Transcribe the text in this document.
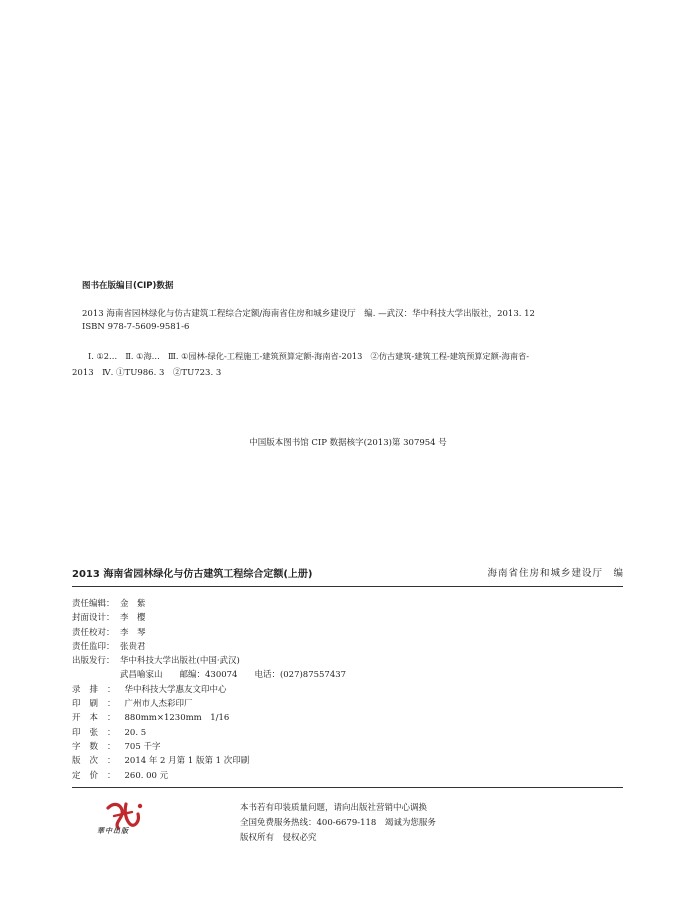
图书在版编目(CIP)数据
2013 海南省园林绿化与仿古建筑工程综合定额/海南省住房和城乡建设厅　编. —武汉：华中科技大学出版社，2013. 12
ISBN 978-7-5609-9581-6
Ⅰ. ①2…　Ⅱ. ①海…　Ⅲ. ①园林-绿化-工程施工-建筑预算定额-海南省-2013　②仿古建筑-建筑工程-建筑预算定额-海南省-
2013　Ⅳ. ①TU986. 3　②TU723. 3
中国版本图书馆 CIP 数据核字(2013)第 307954 号
2013 海南省园林绿化与仿古建筑工程综合定额(上册)	海南省住房和城乡建设厅　编
责任编辑： 金　紫
封面设计： 李　樱
责任校对： 李　琴
责任监印： 张贵君
出版发行： 华中科技大学出版社(中国·武汉)
武昌喻家山　　邮编：430074　　电话：(027)87557437
录排：华中科技大学惠友文印中心
印刷：广州市人杰彩印厂
开本：880mm×1230mm　1/16
印张：20. 5
字数：705 千字
版次：2014 年 2 月第 1 版第 1 次印刷
定价：260. 00 元
華中出版
本书若有印装质量问题，请向出版社营销中心调换
全国免费服务热线：400-6679-118　竭诚为您服务
版权所有　侵权必究
